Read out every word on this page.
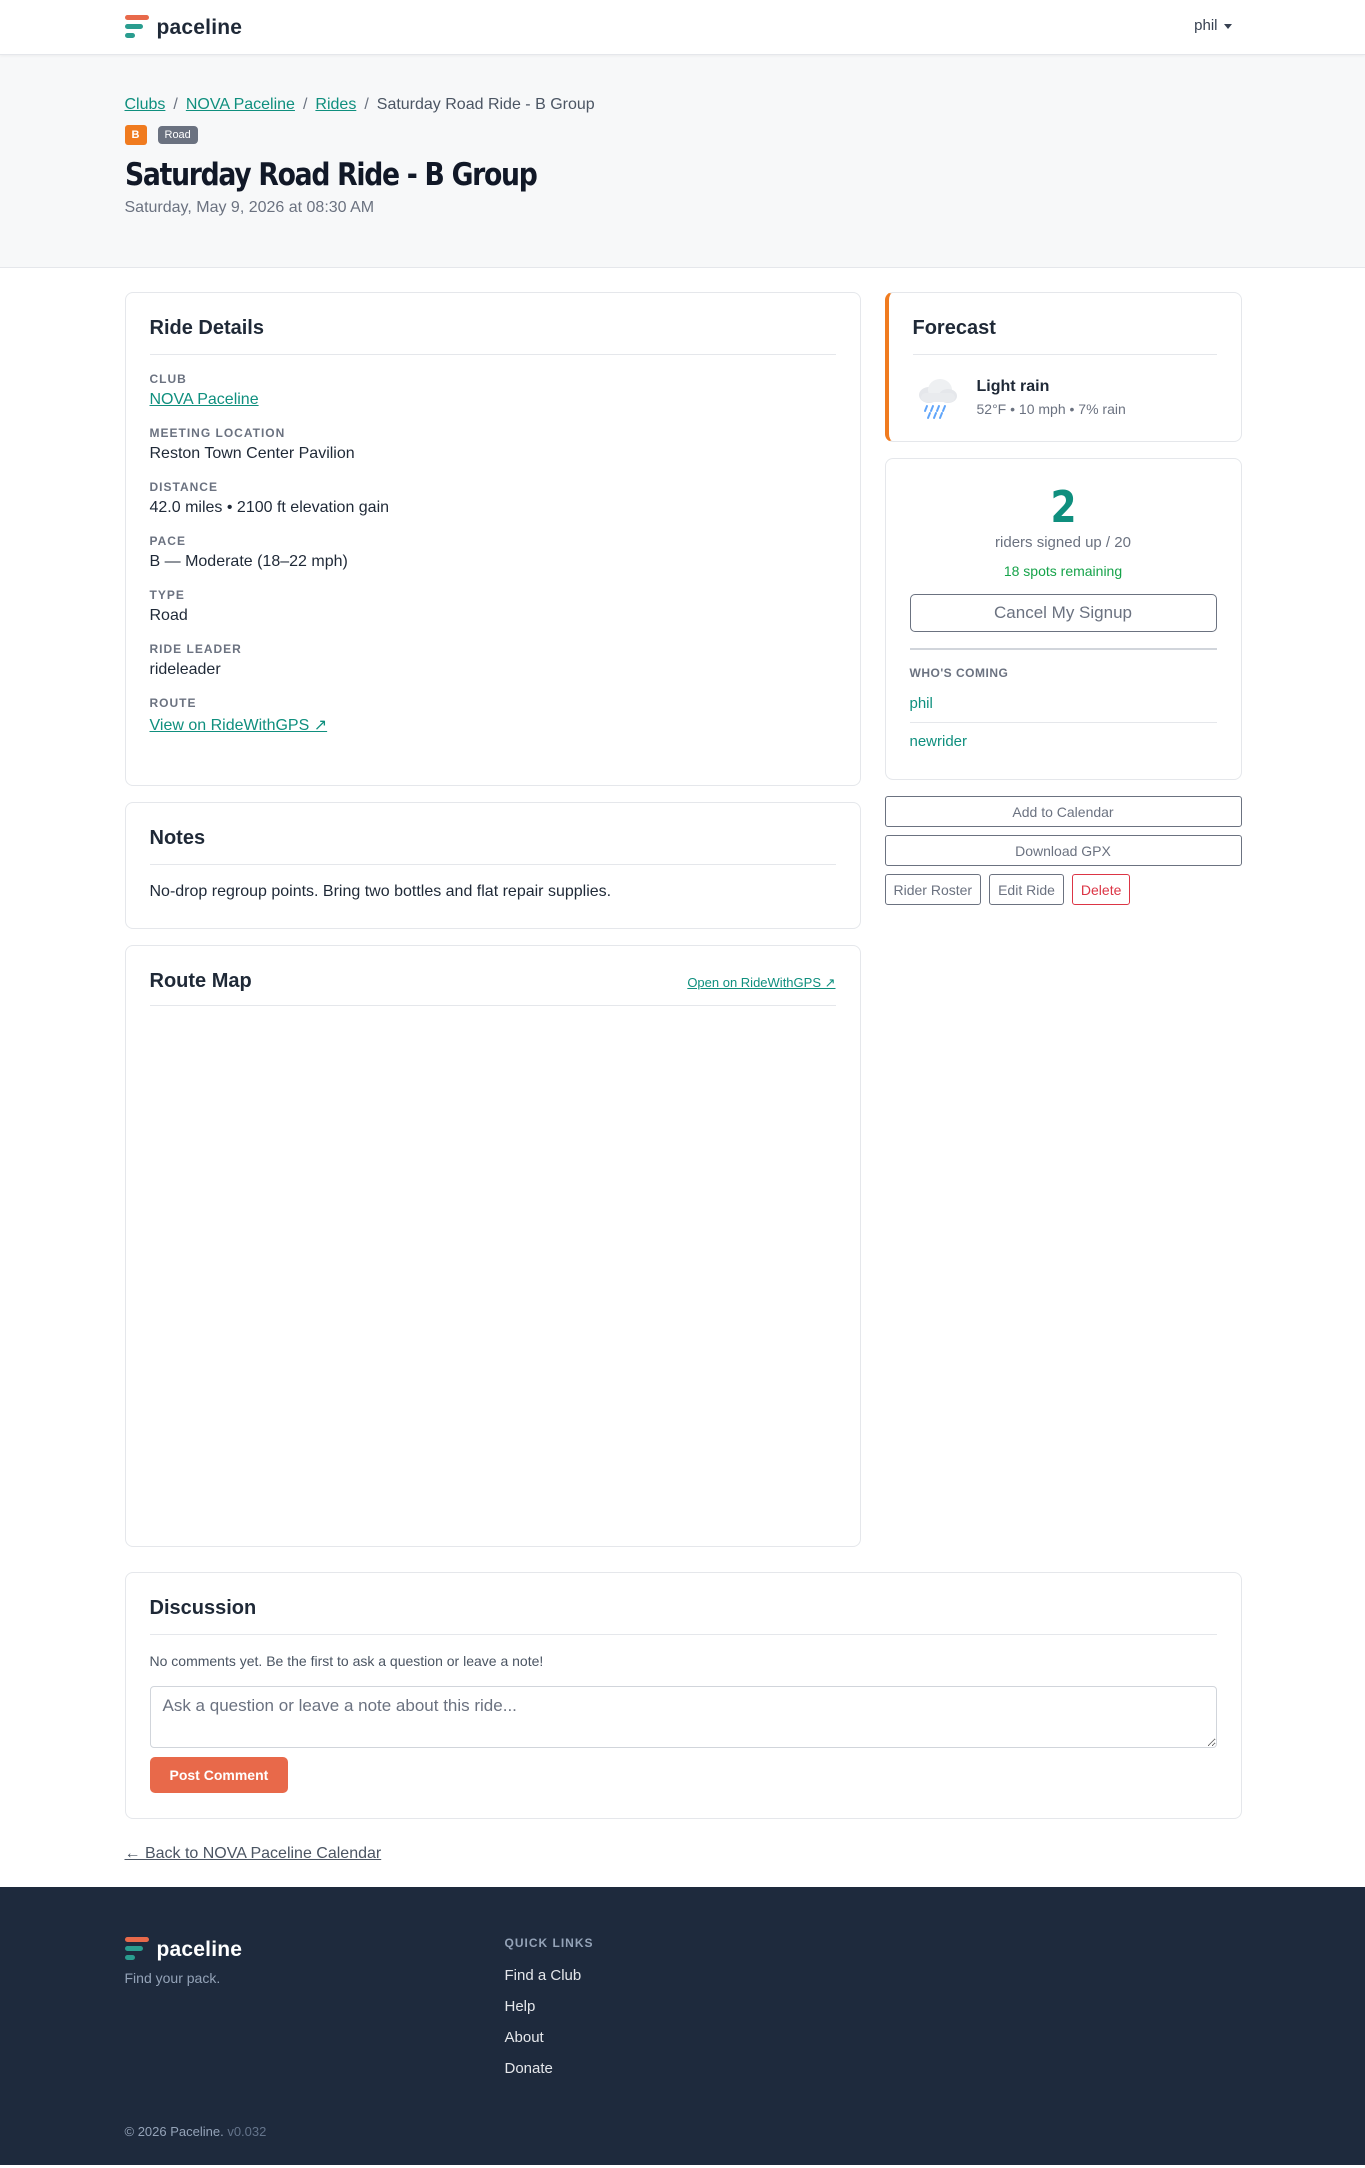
paceline	phil
Clubs / NOVA Paceline / Rides / Saturday Road Ride - B Group
B	Road
Saturday Road Ride - B Group
Saturday, May 9, 2026 at 08:30 AM
Ride Details
CLUB
NOVA Paceline
MEETING LOCATION
Reston Town Center Pavilion
DISTANCE
42.0 miles • 2100 ft elevation gain
PACE
B — Moderate (18–22 mph)
TYPE
Road
RIDE LEADER
rideleader
ROUTE
View on RideWithGPS ↗
Notes
No-drop regroup points. Bring two bottles and flat repair supplies.
Route Map	Open on RideWithGPS ↗
Forecast
Light rain
52°F • 10 mph • 7% rain
2
riders signed up / 20
18 spots remaining
Cancel My Signup
WHO'S COMING
phil
newrider
Add to Calendar
Download GPX
Rider Roster	Edit Ride	Delete
Discussion
No comments yet. Be the first to ask a question or leave a note!
Ask a question or leave a note about this ride... Post Comment
← Back to NOVA Paceline Calendar
paceline
Find your pack.
QUICK LINKS
Find a Club
Help
About
Donate
© 2026 Paceline. v0.032
